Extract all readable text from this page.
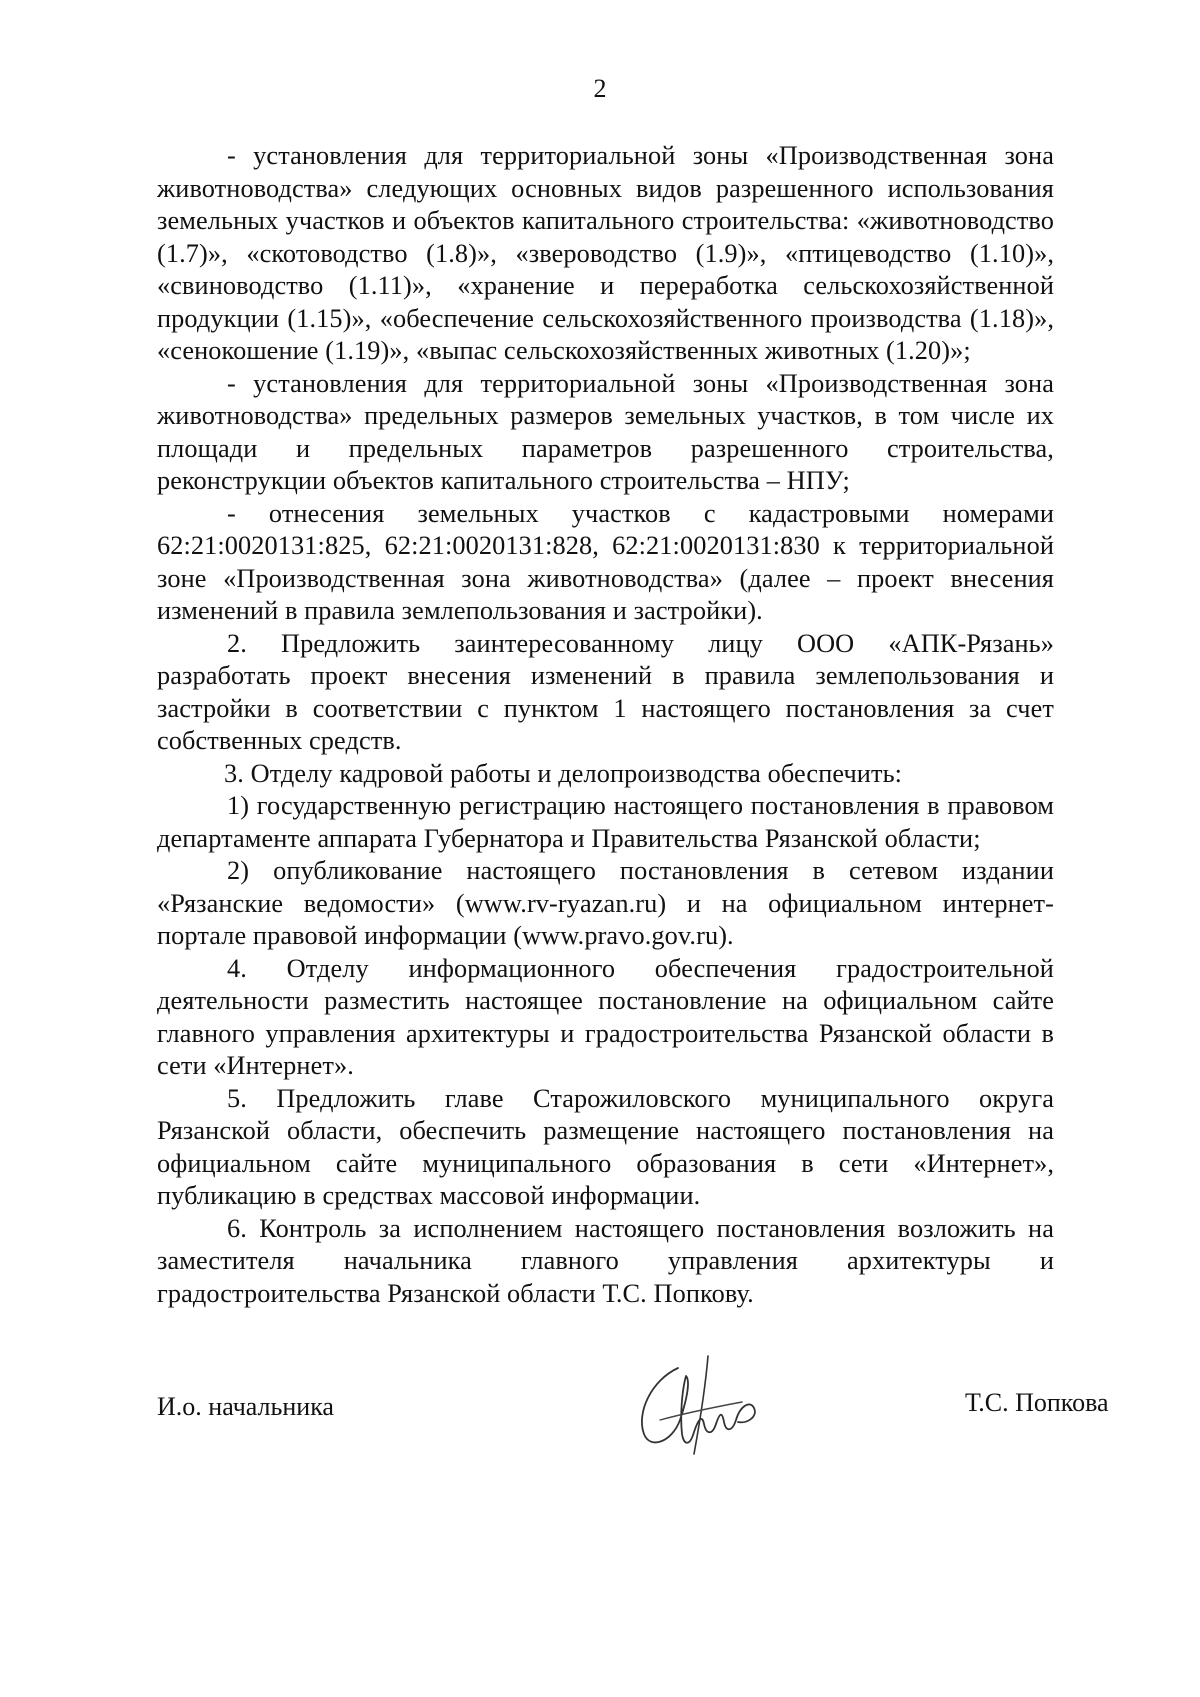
2

- установления для территориальной зоны «Производственная зона животноводства» следующих основных видов разрешенного использования земельных участков и объектов капитального строительства: «животноводство (1.7)», «скотоводство (1.8)», «звероводство (1.9)», «птицеводство (1.10)», «свиноводство (1.11)», «хранение и переработка сельскохозяйственной продукции (1.15)», «обеспечение сельскохозяйственного производства (1.18)», «сенокошение (1.19)», «выпас сельскохозяйственных животных (1.20)»;

- установления для территориальной зоны «Производственная зона животноводства» предельных размеров земельных участков, в том числе их площади и предельных параметров разрешенного строительства, реконструкции объектов капитального строительства – НПУ;

- отнесения земельных участков с кадастровыми номерами 62:21:0020131:825, 62:21:0020131:828, 62:21:0020131:830 к территориальной зоне «Производственная зона животноводства» (далее – проект внесения изменений в правила землепользования и застройки).

2. Предложить заинтересованному лицу ООО «АПК-Рязань» разработать проект внесения изменений в правила землепользования и застройки в соответствии с пунктом 1 настоящего постановления за счет собственных средств.

3. Отделу кадровой работы и делопроизводства обеспечить:

1) государственную регистрацию настоящего постановления в правовом департаменте аппарата Губернатора и Правительства Рязанской области;

2) опубликование настоящего постановления в сетевом издании «Рязанские ведомости» (www.rv-ryazan.ru) и на официальном интернет-портале правовой информации (www.pravo.gov.ru).

4. Отделу информационного обеспечения градостроительной деятельности разместить настоящее постановление на официальном сайте главного управления архитектуры и градостроительства Рязанской области в сети «Интернет».

5. Предложить главе Старожиловского муниципального округа Рязанской области, обеспечить размещение настоящего постановления на официальном сайте муниципального образования в сети «Интернет», публикацию в средствах массовой информации.

6. Контроль за исполнением настоящего постановления возложить на заместителя начальника главного управления архитектуры и градостроительства Рязанской области Т.С. Попкову.

И.о. начальника	Т.С. Попкова
